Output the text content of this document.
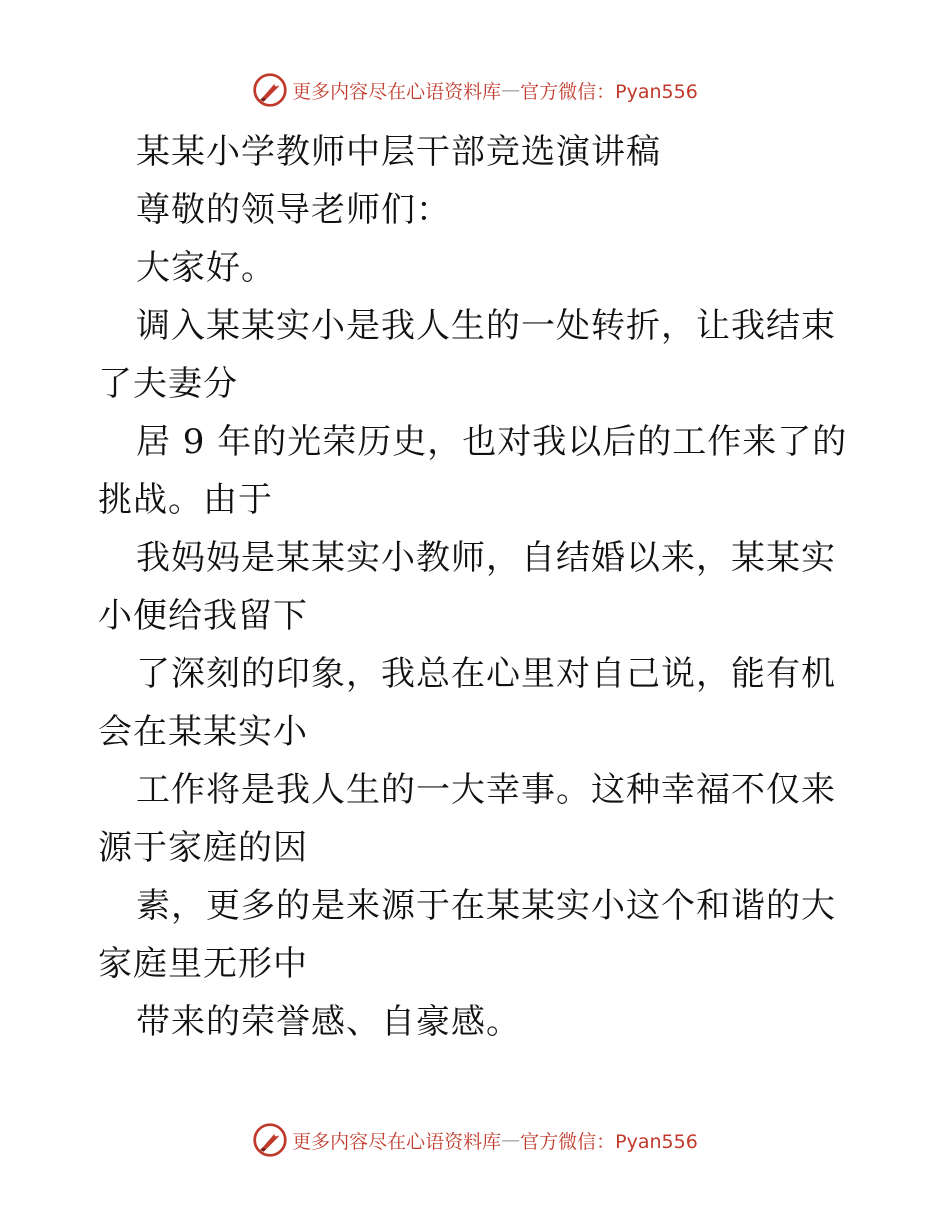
更多内容尽在心语资料库 — 官方微信：Pyan556

某某小学教师中层干部竞选演讲稿

尊敬的领导老师们：

大家好。

调入某某实小是我人生的一处转折，让我结束了夫妻分

居 9 年的光荣历史，也对我以后的工作来了的挑战。由于

我妈妈是某某实小教师，自结婚以来，某某实小便给我留下

了深刻的印象，我总在心里对自己说，能有机会在某某实小

工作将是我人生的一大幸事。这种幸福不仅来源于家庭的因

素，更多的是来源于在某某实小这个和谐的大家庭里无形中

带来的荣誉感、自豪感。

更多内容尽在心语资料库 — 官方微信：Pyan556
